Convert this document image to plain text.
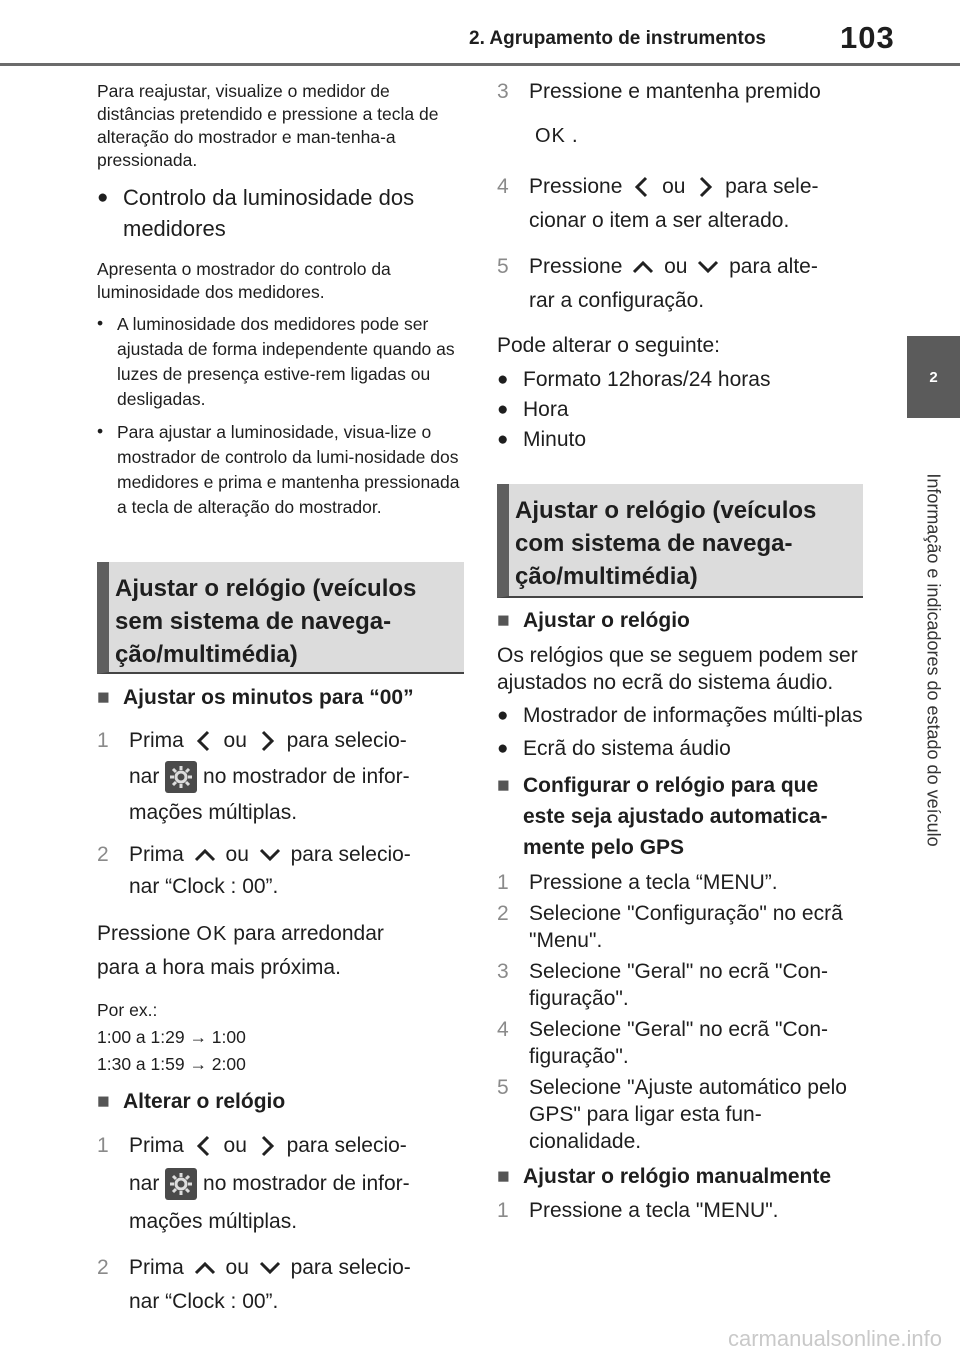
2. Agrupamento de instrumentos 103
2
Informação e indicadores do estado do veículo
Para reajustar, visualize o medidor de distâncias pretendido e pressione a tecla de alteração do mostrador e man-tenha-a pressionada.
● Controlo da luminosidade dos medidores
Apresenta o mostrador do controlo da luminosidade dos medidores.
• A luminosidade dos medidores pode ser ajustada de forma independente quando as luzes de presença estive-rem ligadas ou desligadas.
• Para ajustar a luminosidade, visua-lize o mostrador de controlo da lumi-nosidade dos medidores e prima e mantenha pressionada a tecla de alteração do mostrador.
Ajustar o relógio (veículos sem sistema de navega-ção/multimédia)
■ Ajustar os minutos para “00”
1 Prima ou para selecio-
nar no mostrador de infor-
mações múltiplas.
2 Prima ou para selecio-
nar “Clock : 00”.
Pressione OK para arredondar
para a hora mais próxima.
Por ex.:
1:00 a 1:29 → 1:00
1:30 a 1:59 → 2:00
■ Alterar o relógio
1 Prima ou para selecio-
nar no mostrador de infor-
mações múltiplas.
2 Prima ou para selecio-
nar “Clock : 00”.
3 Pressione e mantenha premido
OK .
4 Pressione ou para sele-
cionar o item a ser alterado.
5 Pressione ou para alte-
rar a configuração.
Pode alterar o seguinte:
● Formato 12horas/24 horas
● Hora
● Minuto
Ajustar o relógio (veículos com sistema de navega-ção/multimédia)
■ Ajustar o relógio
Os relógios que se seguem podem ser ajustados no ecrã do sistema áudio.
● Mostrador de informações múlti-plas
● Ecrã do sistema áudio
■ Configurar o relógio para que este seja ajustado automatica-mente pelo GPS
1 Pressione a tecla “MENU”.
2 Selecione "Configuração" no ecrã "Menu".
3 Selecione "Geral" no ecrã "Con-figuração".
4 Selecione "Geral" no ecrã "Con-figuração".
5 Selecione "Ajuste automático pelo GPS" para ligar esta fun-cionalidade.
■ Ajustar o relógio manualmente
1 Pressione a tecla "MENU".
carmanualsonline.info
